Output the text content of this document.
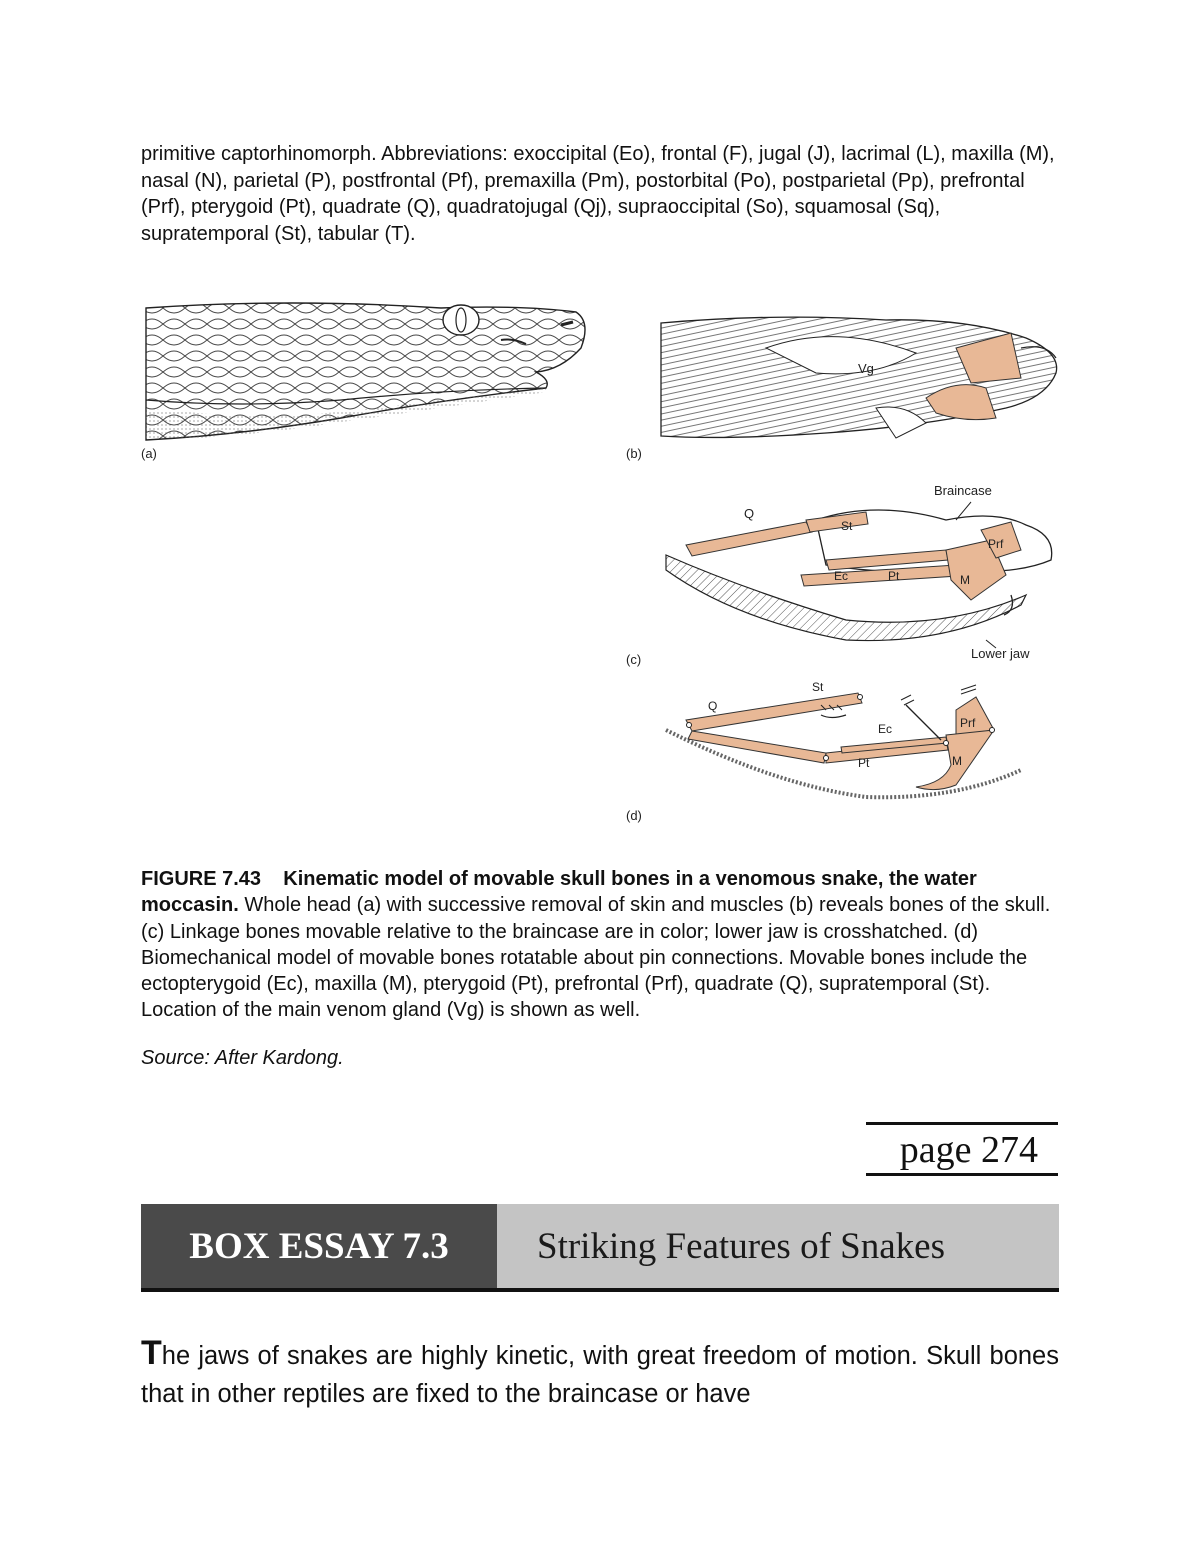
primitive captorhinomorph. Abbreviations: exoccipital (Eo), frontal (F), jugal (J), lacrimal (L), maxilla (M), nasal (N), parietal (P), postfrontal (Pf), premaxilla (Pm), postorbital (Po), postparietal (Pp), prefrontal (Prf), pterygoid (Pt), quadrate (Q), quadratojugal (Qj), supraoccipital (So), squamosal (Sq), supratemporal (St), tabular (T).
(a)
Vg
(b)
Braincase
Q
St
Prf
Ec	Pt	M
Lower jaw
(c)
St
Q
Ec	Prf
Pt	M
(d)
FIGURE 7.43 Kinematic model of movable skull bones in a venomous snake, the water moccasin. Whole head (a) with successive removal of skin and muscles (b) reveals bones of the skull. (c) Linkage bones movable relative to the braincase are in color; lower jaw is crosshatched. (d) Biomechanical model of movable bones rotatable about pin connections. Movable bones include the ectopterygoid (Ec), maxilla (M), pterygoid (Pt), prefrontal (Prf), quadrate (Q), supratemporal (St). Location of the main venom gland (Vg) is shown as well.
Source: After Kardong.
page 274
BOX ESSAY 7.3	Striking Features of Snakes
The jaws of snakes are highly kinetic, with great freedom of motion. Skull bones that in other reptiles are fixed to the braincase or have
